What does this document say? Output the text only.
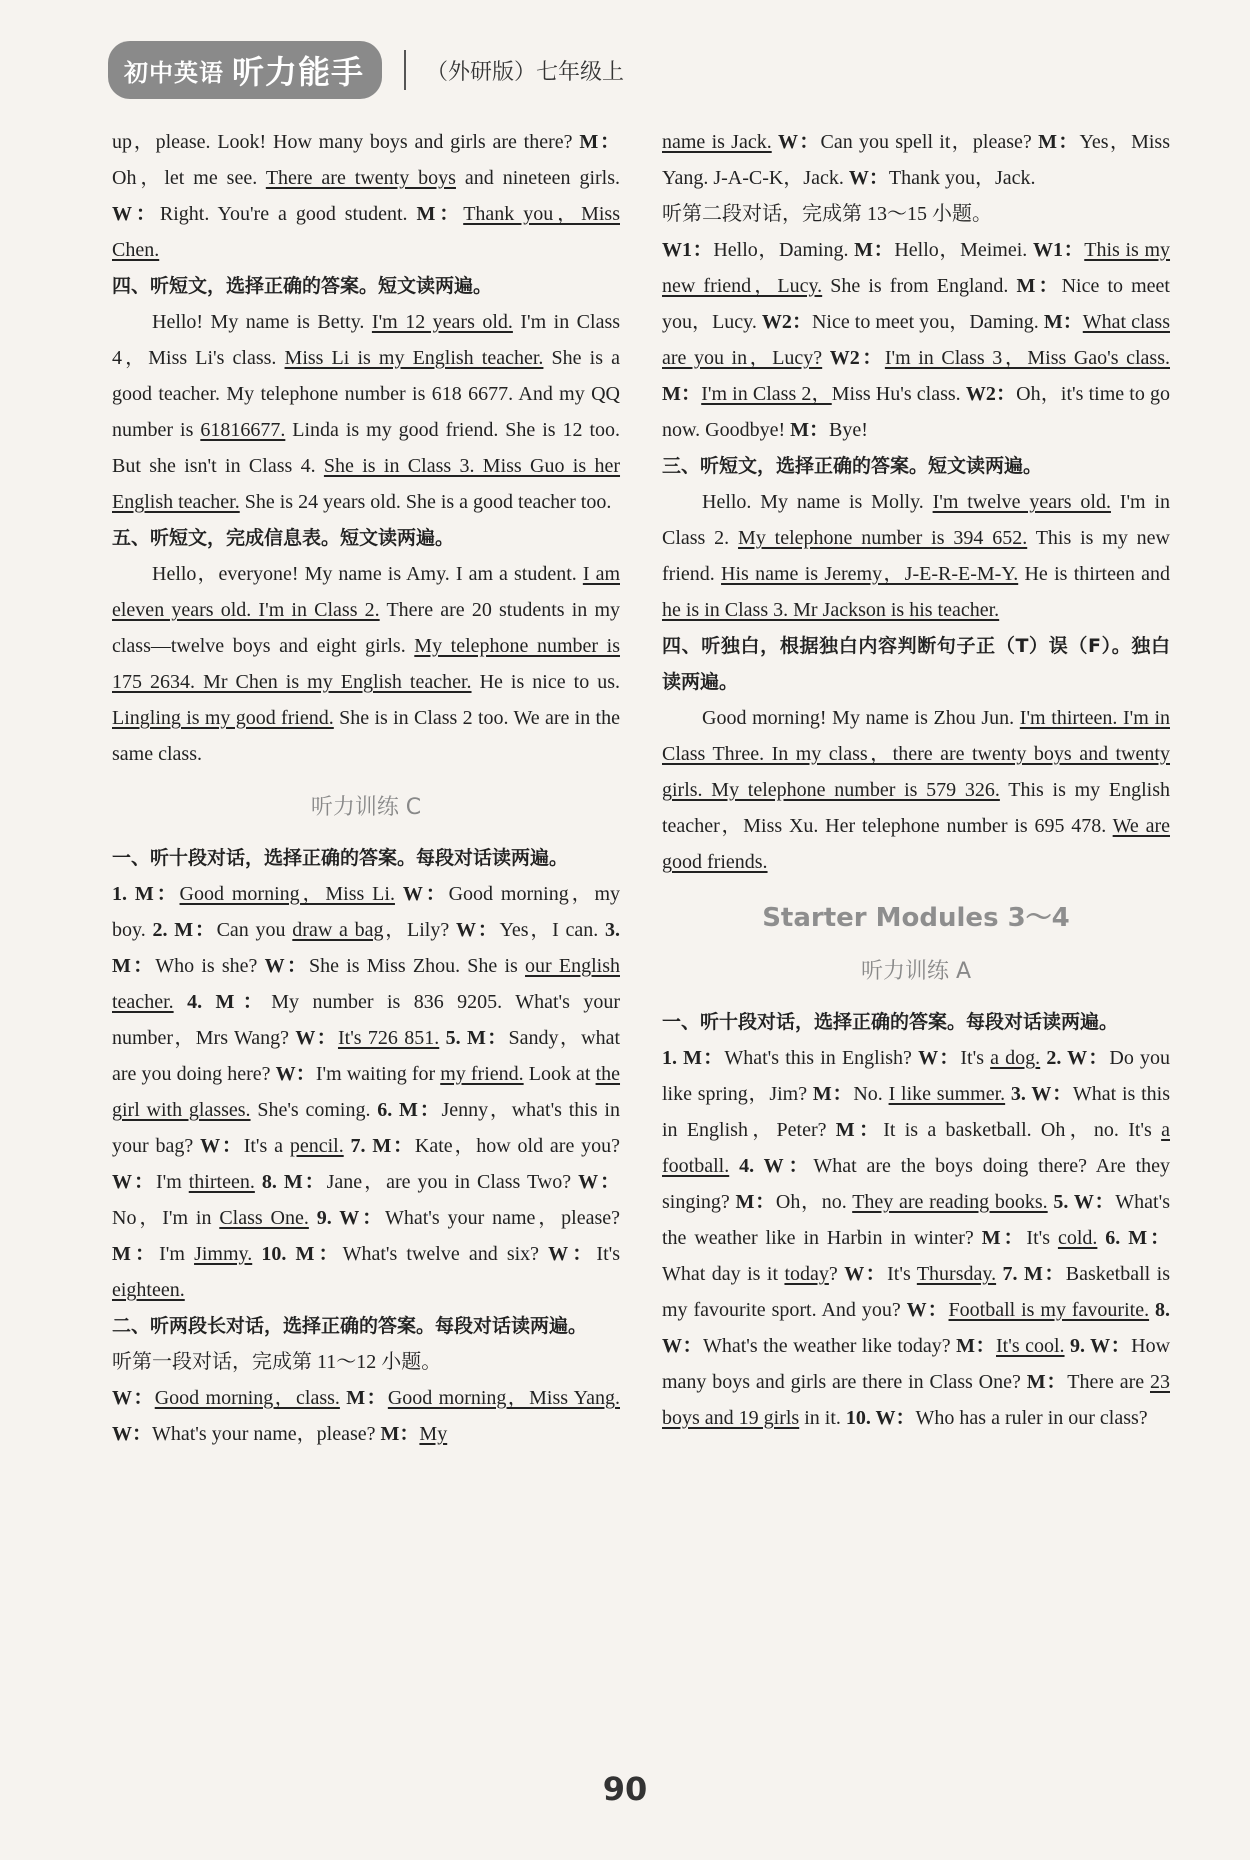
初中英语 听力能手	（外研版）七年级上

up，please. Look! How many boys and girls are there? M：Oh，let me see. There are twenty boys and nineteen girls. W：Right. You're a good student. M：Thank you，Miss Chen.

四、听短文，选择正确的答案。短文读两遍。

Hello! My name is Betty. I'm 12 years old. I'm in Class 4，Miss Li's class. Miss Li is my English teacher. She is a good teacher. My telephone number is 618 6677. And my QQ number is 61816677. Linda is my good friend. She is 12 too. But she isn't in Class 4. She is in Class 3. Miss Guo is her English teacher. She is 24 years old. She is a good teacher too.

五、听短文，完成信息表。短文读两遍。

Hello，everyone! My name is Amy. I am a student. I am eleven years old. I'm in Class 2. There are 20 students in my class—twelve boys and eight girls. My telephone number is 175 2634. Mr Chen is my English teacher. He is nice to us. Lingling is my good friend. She is in Class 2 too. We are in the same class.

听力训练 C

一、听十段对话，选择正确的答案。每段对话读两遍。

1. M：Good morning，Miss Li. W：Good morning，my boy. 2. M：Can you draw a bag，Lily? W：Yes，I can. 3. M：Who is she? W：She is Miss Zhou. She is our English teacher. 4. M：My number is 836 9205. What's your number，Mrs Wang? W：It's 726 851. 5. M：Sandy，what are you doing here? W：I'm waiting for my friend. Look at the girl with glasses. She's coming. 6. M：Jenny，what's this in your bag? W：It's a pencil. 7. M：Kate，how old are you? W：I'm thirteen. 8. M：Jane，are you in Class Two? W：No，I'm in Class One. 9. W：What's your name，please? M：I'm Jimmy. 10. M：What's twelve and six? W：It's eighteen.

二、听两段长对话，选择正确的答案。每段对话读两遍。

听第一段对话，完成第 11～12 小题。

W：Good morning，class. M：Good morning，Miss Yang. W：What's your name，please? M：My

name is Jack. W：Can you spell it，please? M：Yes，Miss Yang. J-A-C-K，Jack. W：Thank you，Jack.

听第二段对话，完成第 13～15 小题。

W1：Hello，Daming. M：Hello，Meimei. W1：This is my new friend，Lucy. She is from England. M：Nice to meet you，Lucy. W2：Nice to meet you，Daming. M：What class are you in，Lucy? W2：I'm in Class 3，Miss Gao's class. M：I'm in Class 2，Miss Hu's class. W2：Oh，it's time to go now. Goodbye! M：Bye!

三、听短文，选择正确的答案。短文读两遍。

Hello. My name is Molly. I'm twelve years old. I'm in Class 2. My telephone number is 394 652. This is my new friend. His name is Jeremy，J-E-R-E-M-Y. He is thirteen and he is in Class 3. Mr Jackson is his teacher.

四、听独白，根据独白内容判断句子正（T）误（F）。独白读两遍。

Good morning! My name is Zhou Jun. I'm thirteen. I'm in Class Three. In my class，there are twenty boys and twenty girls. My telephone number is 579 326. This is my English teacher，Miss Xu. Her telephone number is 695 478. We are good friends.

Starter Modules 3～4

听力训练 A

一、听十段对话，选择正确的答案。每段对话读两遍。

1. M：What's this in English? W：It's a dog. 2. W：Do you like spring，Jim? M：No. I like summer. 3. W：What is this in English，Peter? M：It is a basketball. Oh，no. It's a football. 4. W：What are the boys doing there? Are they singing? M：Oh，no. They are reading books. 5. W：What's the weather like in Harbin in winter? M：It's cold. 6. M：What day is it today? W：It's Thursday. 7. M：Basketball is my favourite sport. And you? W：Football is my favourite. 8. W：What's the weather like today? M：It's cool. 9. W：How many boys and girls are there in Class One? M：There are 23 boys and 19 girls in it. 10. W：Who has a ruler in our class?

90
